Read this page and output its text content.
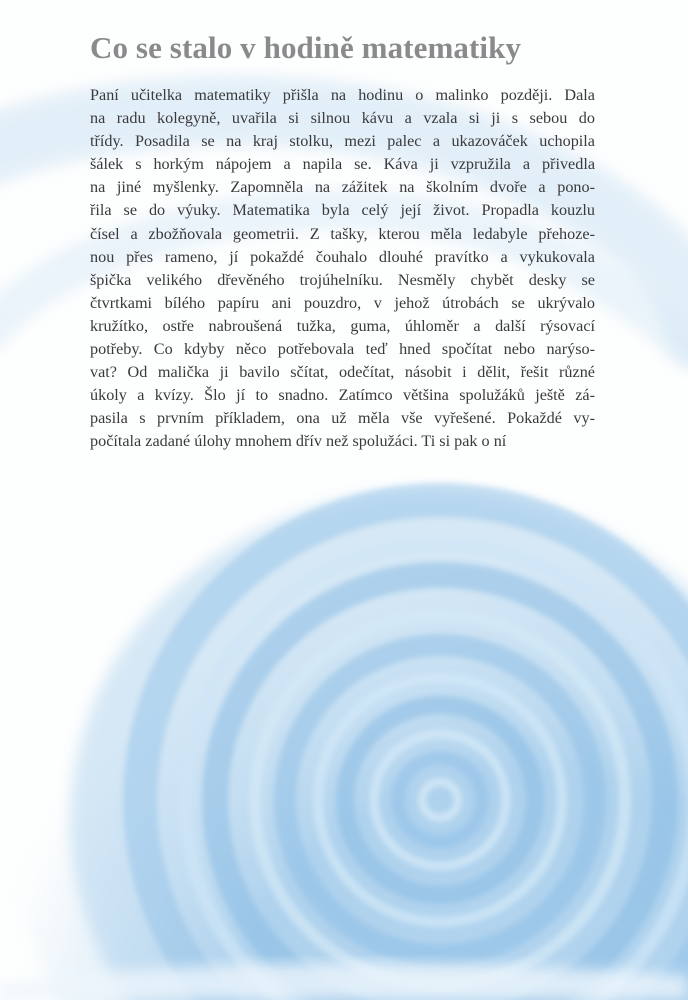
Co se stalo v hodině matematiky
Paní učitelka matematiky přišla na hodinu o malinko později. Dala
na radu kolegyně, uvařila si silnou kávu a vzala si ji s sebou do
třídy. Posadila se na kraj stolku, mezi palec a ukazováček uchopila
šálek s horkým nápojem a napila se. Káva ji vzpružila a přivedla
na jiné myšlenky. Zapomněla na zážitek na školním dvoře a pono-
řila se do výuky. Matematika byla celý její život. Propadla kouzlu
čísel a zbožňovala geometrii. Z tašky, kterou měla ledabyle přehoze-
nou přes rameno, jí pokaždé čouhalo dlouhé pravítko a vykukovala
špička velikého dřevěného trojúhelníku. Nesměly chybět desky se
čtvrtkami bílého papíru ani pouzdro, v jehož útrobách se ukrývalo
kružítko, ostře nabroušená tužka, guma, úhloměr a další rýsovací
potřeby. Co kdyby něco potřebovala teď hned spočítat nebo narýso-
vat? Od malička ji bavilo sčítat, odečítat, násobit i dělit, řešit různé
úkoly a kvízy. Šlo jí to snadno. Zatímco většina spolužáků ještě zá-
pasila s prvním příkladem, ona už měla vše vyřešené. Pokaždé vy-
počítala zadané úlohy mnohem dřív než spolužáci. Ti si pak o ní
